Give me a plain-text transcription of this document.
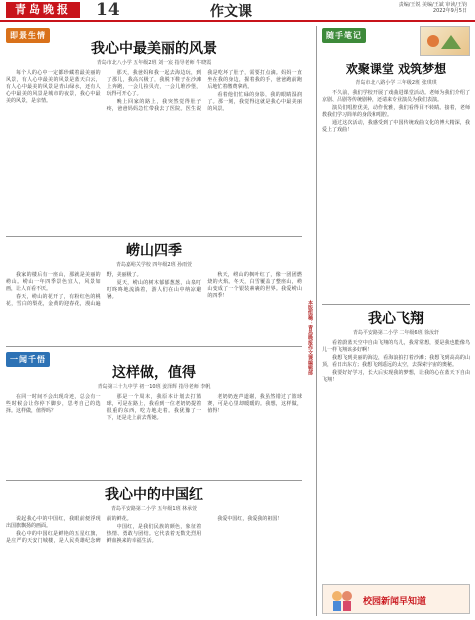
青岛晚报	14	作文课	责编/王锐 美编/王斌 审读/王钧
2022年9月5日
即景生情
我心中最美丽的风景
青岛市北八小学 五年级2班 刘一宸 指导老师 牛晓霞

每个人的心中一定都珍藏着最美丽的风景，有人心中最美的风景是蓝天白云，有人心中最美的风景是青山绿水，还有人心中最美的风景是城市的夜景，我心中最美的风景，是亲情。

那天，我爸妈和我一起去海边玩，到了那儿，我高兴极了，我脱下鞋子在沙滩上奔跑，一会儿捡贝壳，一会儿堆沙堡，玩得可开心了。

晚上回家的路上，我突然觉得肚子疼，爸爸妈妈急忙带我去了医院。医生说我是吃坏了肚子，需要打点滴。妈妈一直坐在我的身边，握着我的手，爸爸跑前跑后地忙着缴费拿药。

看着他们忙碌的身影，我的眼睛湿润了。那一刻，我觉得这就是我心中最美丽的风景。

崂山四季
青岛嘉峪关学校 四年级2班 孙雨萱

我家的楼后有一座山，那就是美丽的崂山。崂山一年四季景色宜人，风景如画，让人百看不厌。

春天，崂山的花开了，有粉红色的桃花，雪白的梨花，金黄的迎春花，漫山遍野，美丽极了。

夏天，崂山的树木郁郁葱葱，山泉叮叮咚咚地流淌着，游人们在山中纳凉避暑。

秋天，崂山的枫叶红了，像一团团燃烧的火焰。冬天，白雪覆盖了整座山，崂山变成了一个银装素裹的世界。我爱崂山的四季！

一闻千悟
这样做，值得
青岛第三十九中学 初一10班 姜泽辉 指导老师 李帆

在同一时间不会出现奇迹，总会有一些时候会让你停下脚步，思考自己的选择。这样做，值得吗？

那是一个周末，我原本计划去打篮球，可是在路上，我看到一位老奶奶提着很重的东西，吃力地走着。我犹豫了一下，还是走上前去帮她。

老奶奶连声道谢，我虽然错过了篮球赛，可是心里却暖暖的。我想，这样做，值得！

我心中的中国红
青岛平安路第二小学 五年级1班 林承萱

说起我心中的中国红，我眼前便浮现出国旗飘扬的画面。

我心中的中国红是鲜艳的五星红旗，是庄严的天安门城楼，是人民英雄纪念碑前的鲜花。

中国红，是我们民族的颜色，象征着热情、勇敢与团结。它代表着无数先烈用鲜血换来的幸福生活。

我爱中国红，我爱我的祖国！

本版组稿：青岛晚报作文课编辑部
随手笔记
欢聚课堂 戏筑梦想
青岛市北八路小学 三年级2班 张琪琪

不久前，我们学校开展了戏曲进课堂活动。老师为我们介绍了京剧、吕剧等传统剧种，还请来专业演员为我们表演。

演员们唱腔优美，动作优雅，我们看得目不转睛。接着，老师教我们学习简单的身段和唱腔。

通过这次活动，我感受到了中国传统戏曲文化的博大精深，我爱上了戏曲！

我心飞翔
青岛平安路第二小学 二年级6班 徐汝轩

看着蔚蓝天空中自由飞翔的鸟儿，我常常想，要是我也能像鸟儿一样飞翔该多好啊！

我想飞到美丽的海边，看海浪拍打着沙滩；我想飞到高高的山顶，看日出东方；我想飞到遥远的太空，去探索宇宙的奥秘。

我要好好学习，长大后实现我的梦想，让我的心在蓝天下自由飞翔！

校园新闻早知道
